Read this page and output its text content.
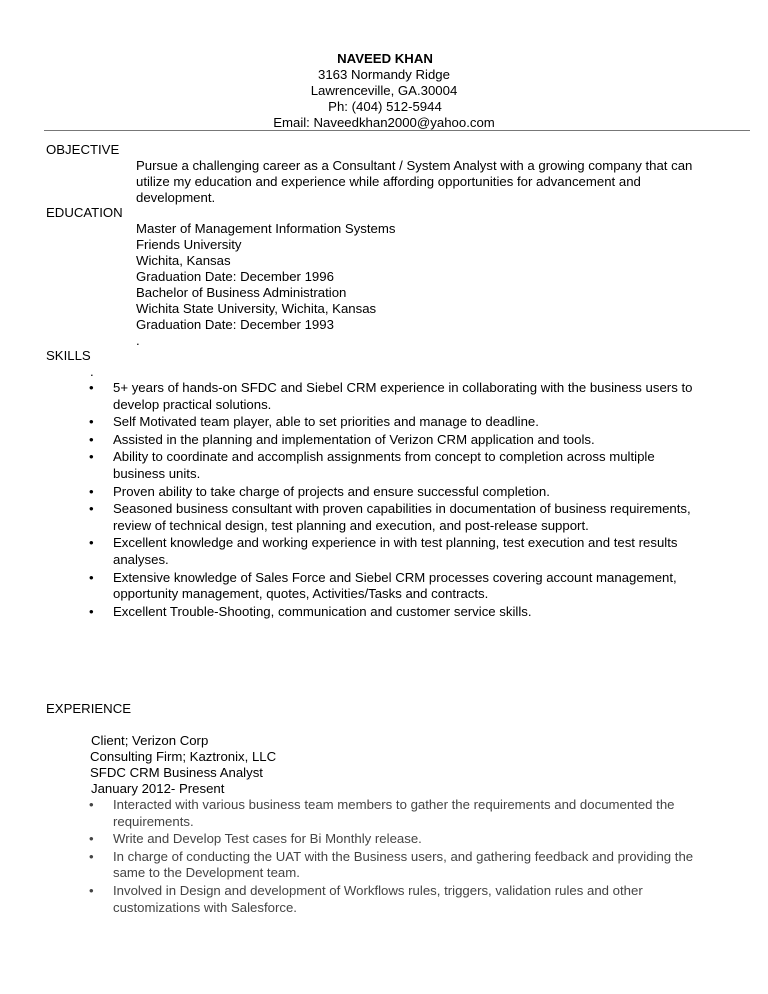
NAVEED KHAN
3163 Normandy Ridge
Lawrenceville, GA.30004
Ph: (404) 512-5944
Email: Naveedkhan2000@yahoo.com
OBJECTIVE
Pursue a challenging career as a Consultant / System Analyst with a growing company that can
utilize my education and experience while affording opportunities for advancement and
development.
EDUCATION
Master of Management Information Systems
Friends University
Wichita, Kansas
Graduation Date: December 1996
Bachelor of Business Administration
Wichita State University, Wichita, Kansas
Graduation Date: December 1993
.
SKILLS
.
• 5+ years of hands-on SFDC and Siebel CRM experience in collaborating with the business users to
develop practical solutions.
• Self Motivated team player, able to set priorities and manage to deadline.
• Assisted in the planning and implementation of Verizon CRM application and tools.
• Ability to coordinate and accomplish assignments from concept to completion across multiple
business units.
• Proven ability to take charge of projects and ensure successful completion.
• Seasoned business consultant with proven capabilities in documentation of business requirements,
review of technical design, test planning and execution, and post-release support.
• Excellent knowledge and working experience in with test planning, test execution and test results
analyses.
• Extensive knowledge of Sales Force and Siebel CRM processes covering account management,
opportunity management, quotes, Activities/Tasks and contracts.
• Excellent Trouble-Shooting, communication and customer service skills.
EXPERIENCE
Client; Verizon Corp
Consulting Firm; Kaztronix, LLC
SFDC CRM Business Analyst
January 2012- Present
• Interacted with various business team members to gather the requirements and documented the
requirements.
• Write and Develop Test cases for Bi Monthly release.
• In charge of conducting the UAT with the Business users, and gathering feedback and providing the
same to the Development team.
• Involved in Design and development of Workflows rules, triggers, validation rules and other
customizations with Salesforce.
